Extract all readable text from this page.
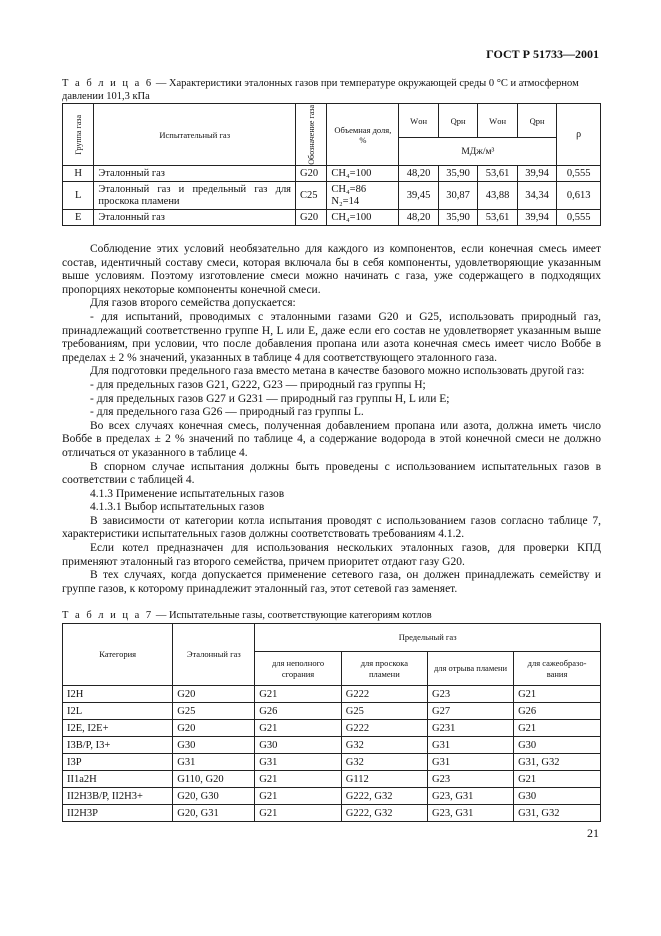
ГОСТ Р 51733—2001
Т а б л и ц а 6 — Характеристики эталонных газов при температуре окружающей среды 0 °С и атмосферном давлении 101,3 кПа
Группа газа	Испытательный газ	Обозначение газа	Объемная доля, %	Wон	Qрн	Wон	Qрн	ρ
				МДж/м³				
H	Эталонный газ	G20	CH₄=100	48,20	35,90	53,61	39,94	0,555
L	Эталонный газ и предельный газ для проскока пламени	C25	CH₄=86 N₂=14	39,45	30,87	43,88	34,34	0,613
E	Эталонный газ	G20	CH₄=100	48,20	35,90	53,61	39,94	0,555

Соблюдение этих условий необязательно для каждого из компонентов, если конечная смесь имеет состав, идентичный составу смеси, которая включала бы в себя компоненты, удовлетворяющие указанным выше условиям. Поэтому изготовление смеси можно начинать с газа, уже содержащего в подходящих пропорциях некоторые компоненты конечной смеси.

Для газов второго семейства допускается:

- для испытаний, проводимых с эталонными газами G20 и G25, использовать природный газ, принадлежащий соответственно группе H, L или E, даже если его состав не удовлетворяет указанным выше требованиям, при условии, что после добавления пропана или азота конечная смесь имеет число Воббе в пределах ± 2 % значений, указанных в таблице 4 для соответствующего эталонного газа.

Для подготовки предельного газа вместо метана в качестве базового можно использовать другой газ:

- для предельных газов G21, G222, G23 — природный газ группы H;

- для предельных газов G27 и G231 — природный газ группы H, L или E;

- для предельного газа G26 — природный газ группы L.

Во всех случаях конечная смесь, полученная добавлением пропана или азота, должна иметь число Воббе в пределах ± 2 % значений по таблице 4, а содержание водорода в этой конечной смеси не должно отличаться от указанного в таблице 4.

В спорном случае испытания должны быть проведены с использованием испытательных газов в соответствии с таблицей 4.

4.1.3 Применение испытательных газов

4.1.3.1 Выбор испытательных газов

В зависимости от категории котла испытания проводят с использованием газов согласно таблице 7, характеристики испытательных газов должны соответствовать требованиям 4.1.2.

Если котел предназначен для использования нескольких эталонных газов, для проверки КПД применяют эталонный газ второго семейства, причем приоритет отдают газу G20.

В тех случаях, когда допускается применение сетевого газа, он должен принадлежать семейству и группе газов, к которому принадлежит эталонный газ, этот сетевой газ заменяет.

Т а б л и ц а 7 — Испытательные газы, соответствующие категориям котлов
Категория	Эталонный газ	Предельный газ			
		для неполного сгорания	для проскока пламени	для отрыва пламени	для сажеобразо-вания
I2H	G20	G21	G222	G23	G21
I2L	G25	G26	G25	G27	G26
I2E, I2E+	G20	G21	G222	G231	G21
I3B/P, I3+	G30	G30	G32	G31	G30
I3P	G31	G31	G32	G31	G31, G32
II1a2H	G110, G20	G21	G112	G23	G21
II2H3B/P, II2H3+	G20, G30	G21	G222, G32	G23, G31	G30
II2H3P	G20, G31	G21	G222, G32	G23, G31	G31, G32
21
